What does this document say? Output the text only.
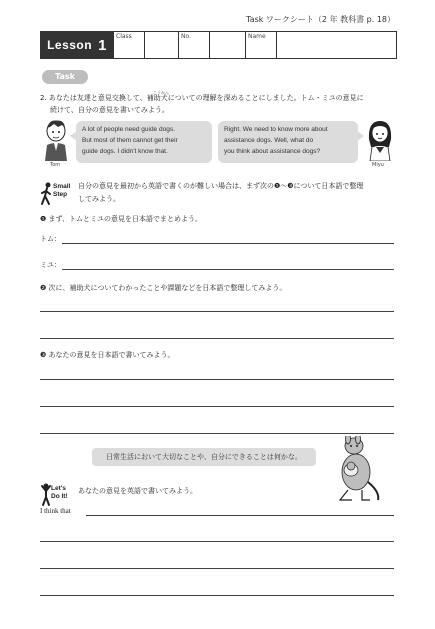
Task ワークシート（2 年 教科書 p. 18）
Lesson 1 Class	No.	Name
Task
こうかん
2. あなたは友達と意見交換して、補助犬についての理解を深めることにしました。トム・ミユの意見に
続けて、自分の意見を書いてみよう。
Tom
A lot of people need guide dogs.
But most of them cannot get their
guide dogs. I didn't know that.
Right. We need to know more about
assistance dogs. Well, what do
you think about assistance dogs?
Miyu
Small
Step
自分の意見を最初から英語で書くのが難しい場合は、まず次の❶～❸について日本語で整理
してみよう。
❶ まず、トムとミユの意見を日本語でまとめよう。
トム：
ミユ：
❷ 次に、補助犬についてわかったことや課題などを日本語で整理してみよう。
❸ あなたの意見を日本語で書いてみよう。
日常生活において大切なことや、自分にできることは何かな。
Let's
Do It!
あなたの意見を英語で書いてみよう。
I think that
